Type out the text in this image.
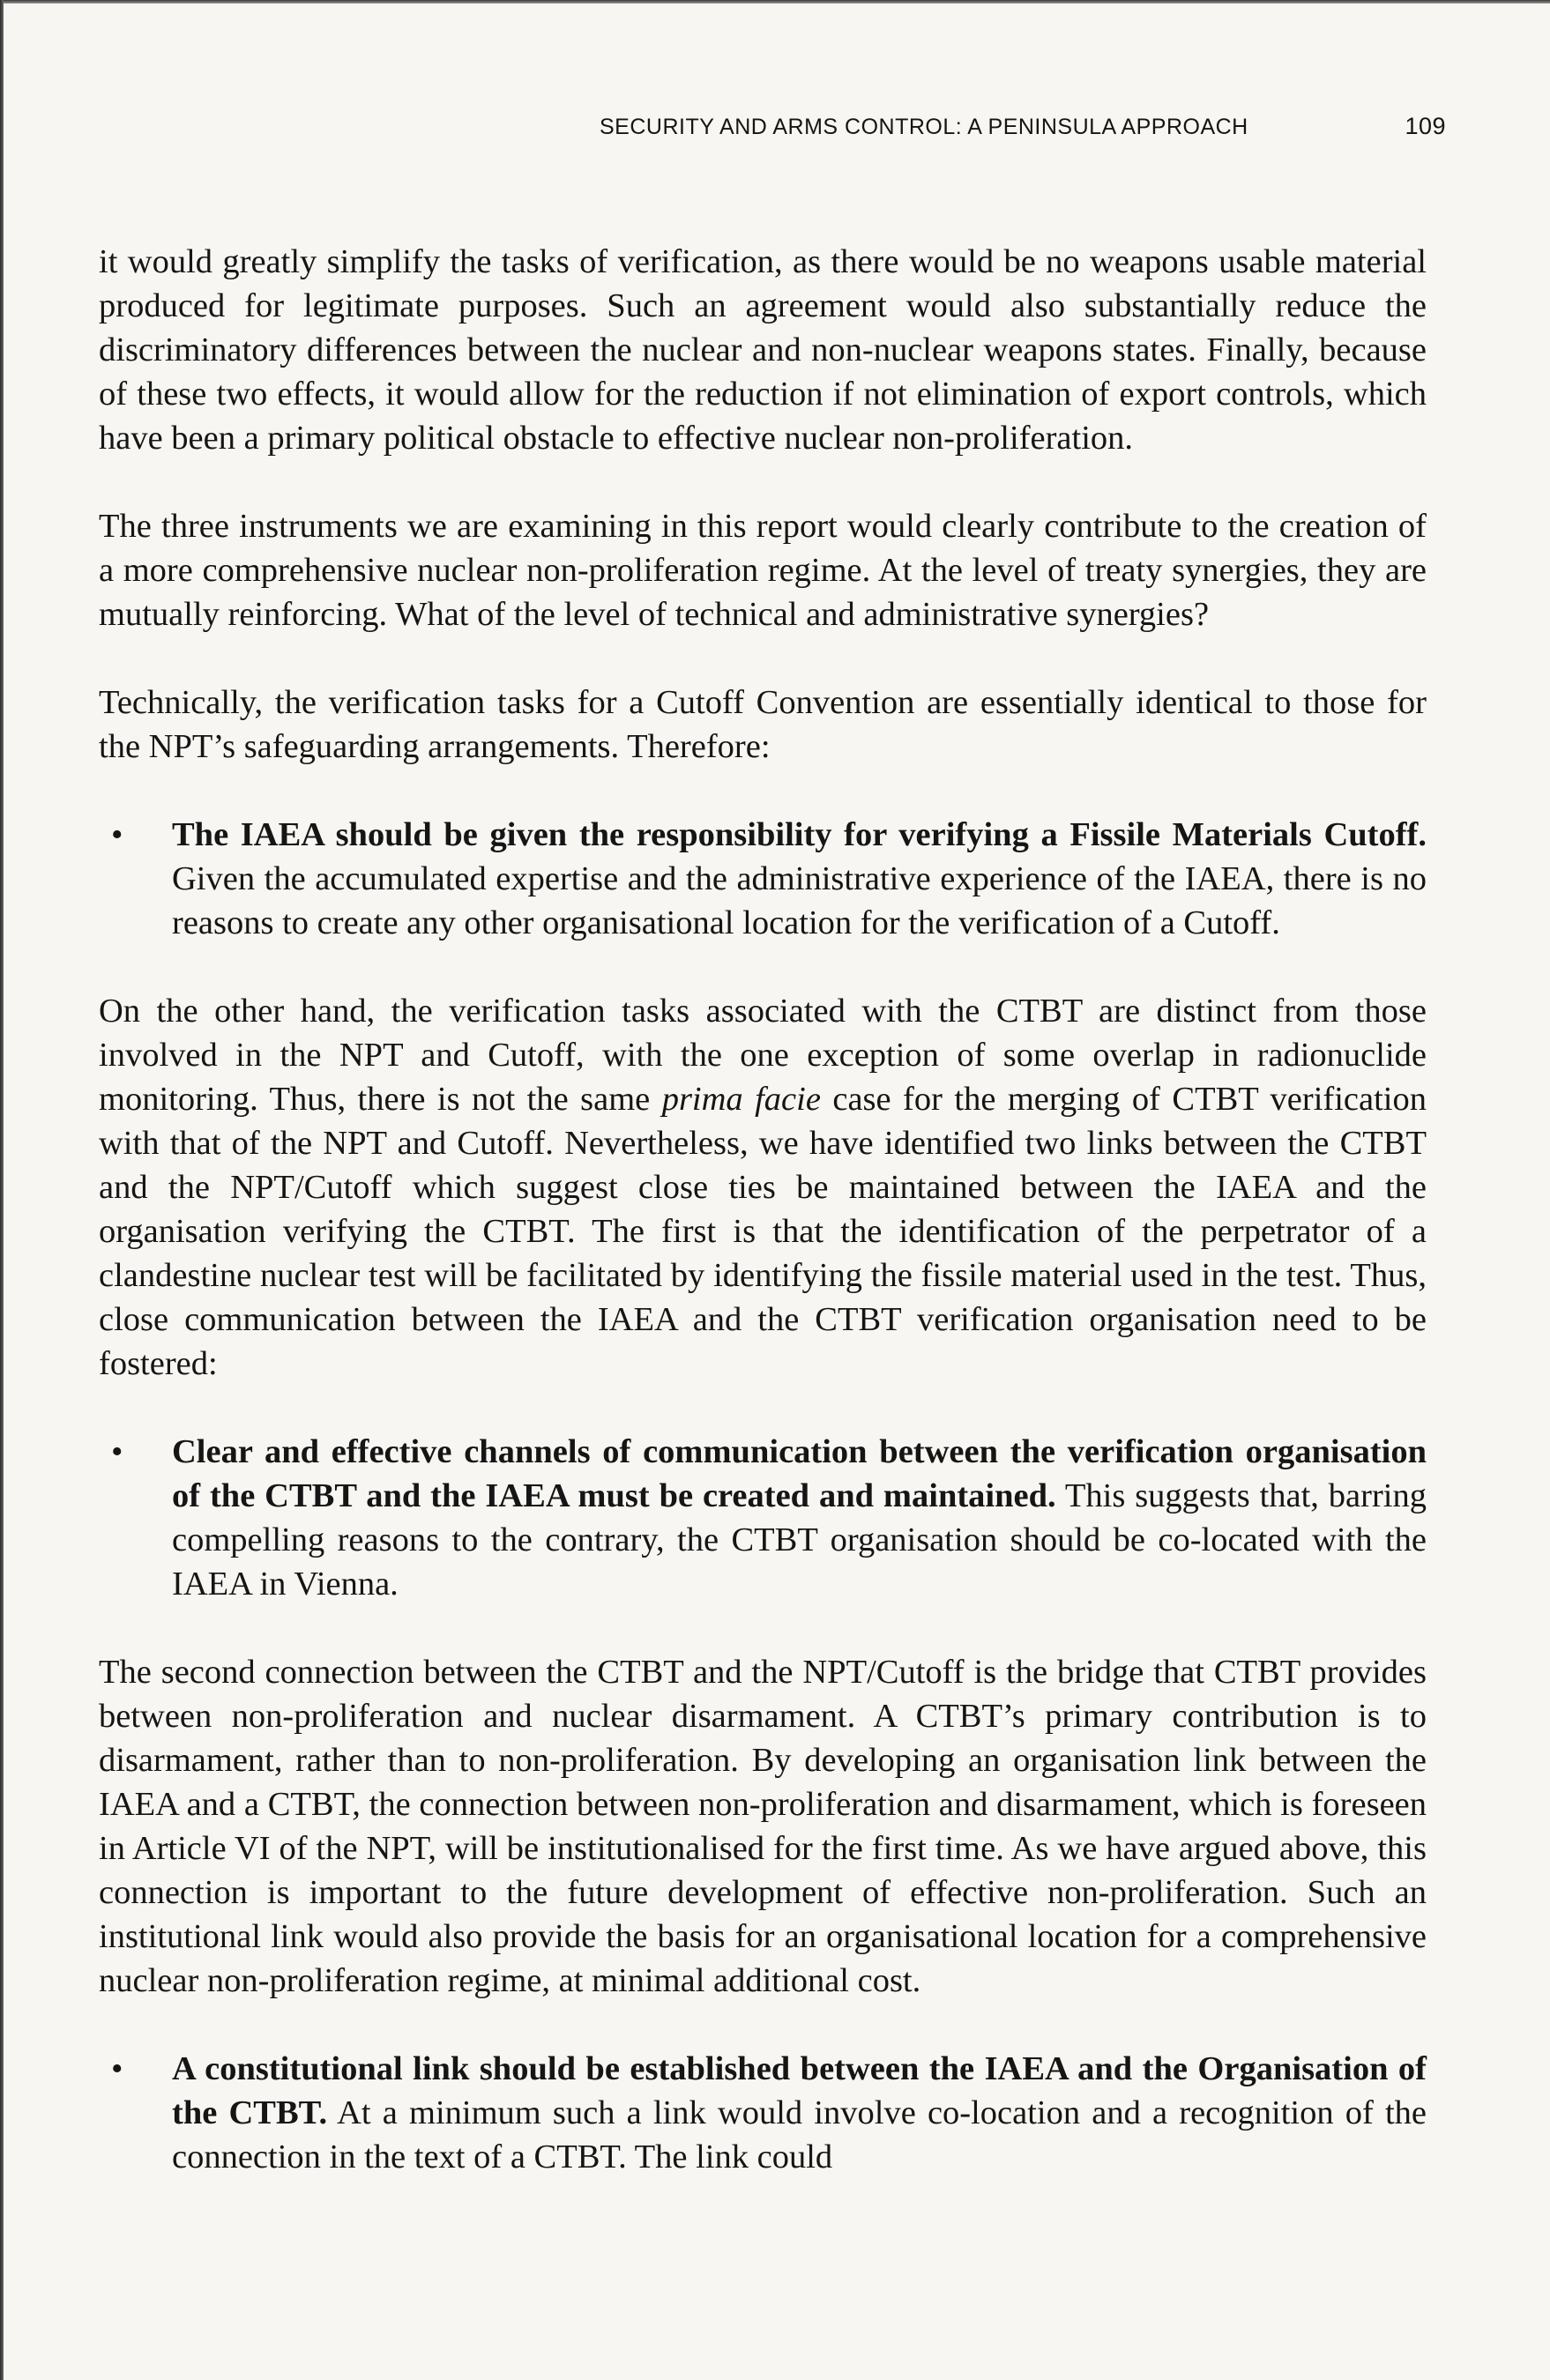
SECURITY AND ARMS CONTROL: A PENINSULA APPROACH	109

it would greatly simplify the tasks of verification, as there would be no weapons usable material produced for legitimate purposes. Such an agreement would also substantially reduce the discriminatory differences between the nuclear and non-nuclear weapons states. Finally, because of these two effects, it would allow for the reduction if not elimination of export controls, which have been a primary political obstacle to effective nuclear non-proliferation.

The three instruments we are examining in this report would clearly contribute to the creation of a more comprehensive nuclear non-proliferation regime. At the level of treaty synergies, they are mutually reinforcing. What of the level of technical and administrative synergies?

Technically, the verification tasks for a Cutoff Convention are essentially identical to those for the NPT’s safeguarding arrangements. Therefore:

• The IAEA should be given the responsibility for verifying a Fissile Materials Cutoff. Given the accumulated expertise and the administrative experience of the IAEA, there is no reasons to create any other organisational location for the verification of a Cutoff.

On the other hand, the verification tasks associated with the CTBT are distinct from those involved in the NPT and Cutoff, with the one exception of some overlap in radionuclide monitoring. Thus, there is not the same prima facie case for the merging of CTBT verification with that of the NPT and Cutoff. Nevertheless, we have identified two links between the CTBT and the NPT/Cutoff which suggest close ties be maintained between the IAEA and the organisation verifying the CTBT. The first is that the identification of the perpetrator of a clandestine nuclear test will be facilitated by identifying the fissile material used in the test. Thus, close communication between the IAEA and the CTBT verification organisation need to be fostered:

• Clear and effective channels of communication between the verification organisation of the CTBT and the IAEA must be created and maintained. This suggests that, barring compelling reasons to the contrary, the CTBT organisation should be co-located with the IAEA in Vienna.

The second connection between the CTBT and the NPT/Cutoff is the bridge that CTBT provides between non-proliferation and nuclear disarmament. A CTBT’s primary contribution is to disarmament, rather than to non-proliferation. By developing an organisation link between the IAEA and a CTBT, the connection between non-proliferation and disarmament, which is foreseen in Article VI of the NPT, will be institutionalised for the first time. As we have argued above, this connection is important to the future development of effective non-proliferation. Such an institutional link would also provide the basis for an organisational location for a comprehensive nuclear non-proliferation regime, at minimal additional cost.

• A constitutional link should be established between the IAEA and the Organisation of the CTBT. At a minimum such a link would involve co-location and a recognition of the connection in the text of a CTBT. The link could
